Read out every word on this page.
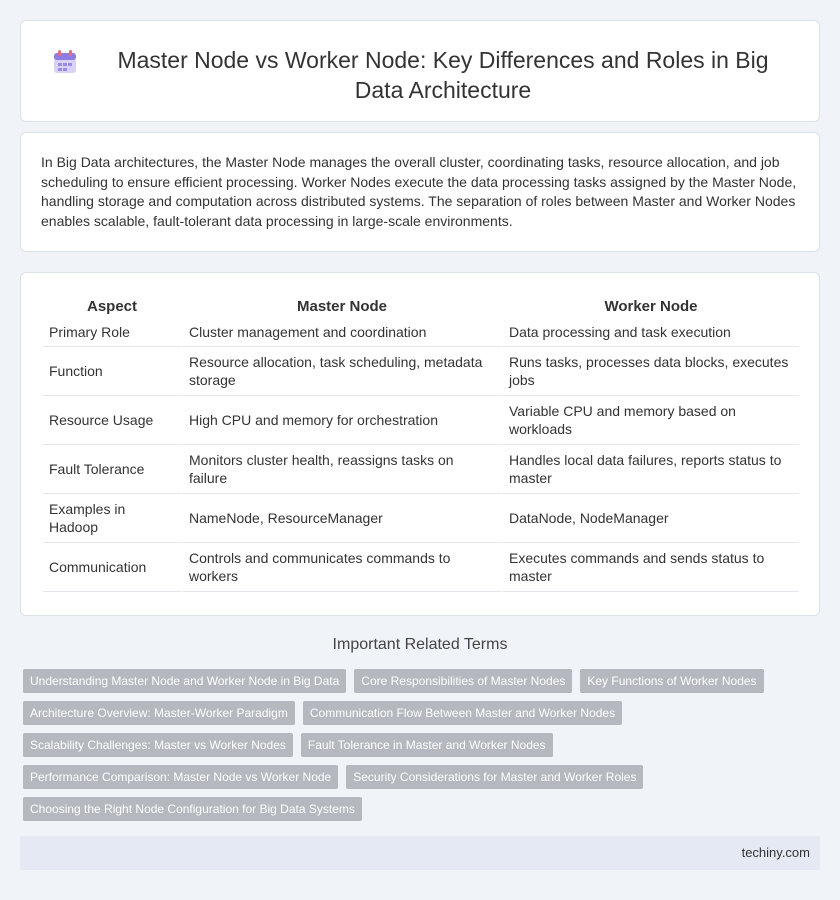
Master Node vs Worker Node: Key Differences and Roles in Big Data Architecture

In Big Data architectures, the Master Node manages the overall cluster, coordinating tasks, resource allocation, and job scheduling to ensure efficient processing. Worker Nodes execute the data processing tasks assigned by the Master Node, handling storage and computation across distributed systems. The separation of roles between Master and Worker Nodes enables scalable, fault-tolerant data processing in large-scale environments.

Aspect	Master Node	Worker Node
Primary Role	Cluster management and coordination	Data processing and task execution
Function	Resource allocation, task scheduling, metadata storage	Runs tasks, processes data blocks, executes jobs
Resource Usage	High CPU and memory for orchestration	Variable CPU and memory based on workloads
Fault Tolerance	Monitors cluster health, reassigns tasks on failure	Handles local data failures, reports status to master
Examples in Hadoop	NameNode, ResourceManager	DataNode, NodeManager
Communication	Controls and communicates commands to workers	Executes commands and sends status to master
Important Related Terms
Understanding Master Node and Worker Node in Big Data	Core Responsibilities of Master Nodes	Key Functions of Worker Nodes
Architecture Overview: Master-Worker Paradigm	Communication Flow Between Master and Worker Nodes
Scalability Challenges: Master vs Worker Nodes	Fault Tolerance in Master and Worker Nodes
Performance Comparison: Master Node vs Worker Node	Security Considerations for Master and Worker Roles
Choosing the Right Node Configuration for Big Data Systems
techiny.com
